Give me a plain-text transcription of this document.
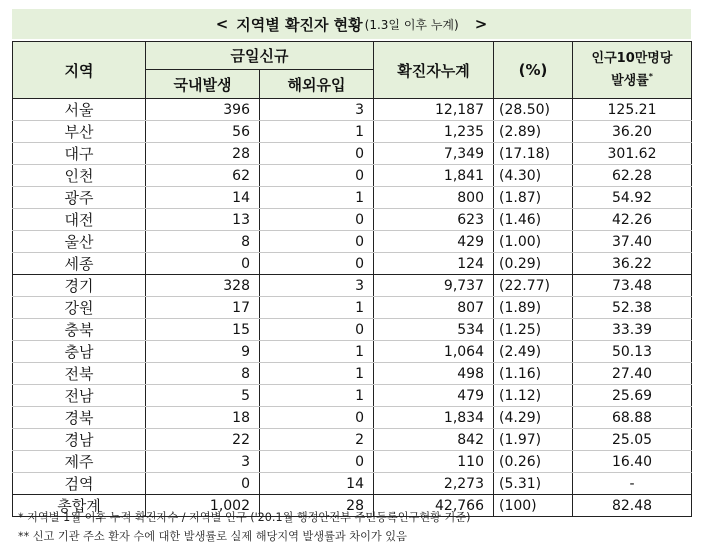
< 지역별 확진자 현황 (1.3일 이후 누계) >
지역	금일신규		확진자누계	(%)	인구10만명당
발생률*
	국내발생	해외유입			
서울	396	3	12,187	(28.50)	125.21
부산	56	1	1,235	(2.89)	36.20
대구	28	0	7,349	(17.18)	301.62
인천	62	0	1,841	(4.30)	62.28
광주	14	1	800	(1.87)	54.92
대전	13	0	623	(1.46)	42.26
울산	8	0	429	(1.00)	37.40
세종	0	0	124	(0.29)	36.22
경기	328	3	9,737	(22.77)	73.48
강원	17	1	807	(1.89)	52.38
충북	15	0	534	(1.25)	33.39
충남	9	1	1,064	(2.49)	50.13
전북	8	1	498	(1.16)	27.40
전남	5	1	479	(1.12)	25.69
경북	18	0	1,834	(4.29)	68.88
경남	22	2	842	(1.97)	25.05
제주	3	0	110	(0.26)	16.40
검역	0	14	2,273	(5.31)	-
총합계	1,002	28	42,766	(100)	82.48
* 지역별 1월 이후 누적 확진자수 / 지역별 인구 ('20.1월 행정안전부 주민등록인구현황 기준)
** 신고 기관 주소 환자 수에 대한 발생률로 실제 해당지역 발생률과 차이가 있음
